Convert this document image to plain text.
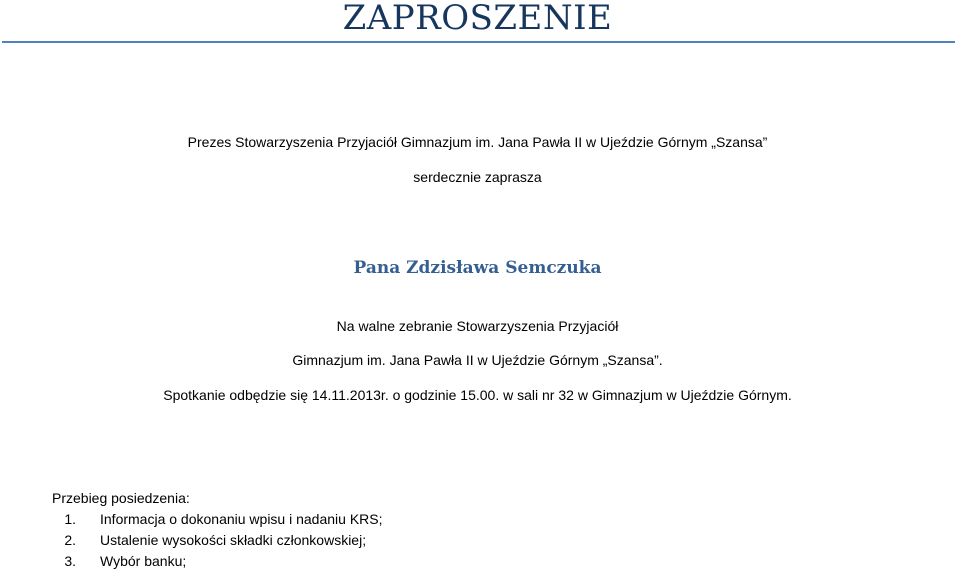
ZAPROSZENIE
Prezes Stowarzyszenia Przyjaciół Gimnazjum im. Jana Pawła II w Ujeździe Górnym „Szansa”
serdecznie zaprasza
Pana Zdzisława Semczuka
Na walne zebranie Stowarzyszenia Przyjaciół
Gimnazjum im. Jana Pawła II w Ujeździe Górnym „Szansa”.
Spotkanie odbędzie się 14.11.2013r. o godzinie 15.00. w sali nr 32 w Gimnazjum w Ujeździe Górnym.
Przebieg posiedzenia:
1. Informacja o dokonaniu wpisu i nadaniu KRS;
2. Ustalenie wysokości składki członkowskiej;
3. Wybór banku;
